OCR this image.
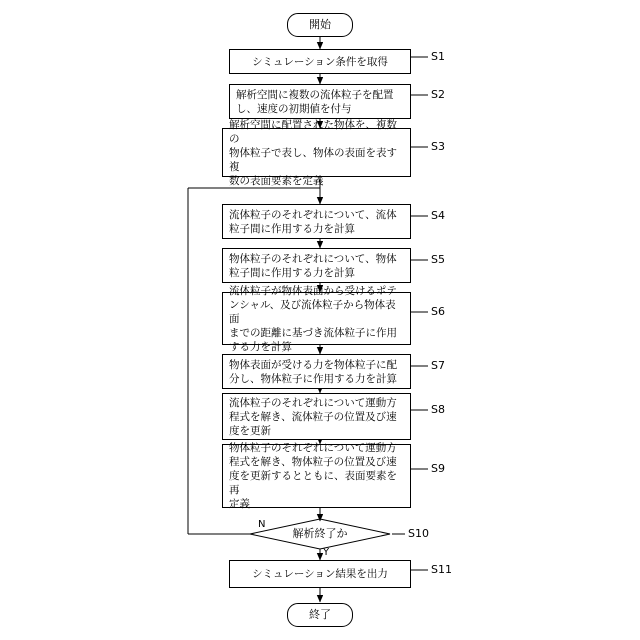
開始
終了
シミュレーション条件を取得
解析空間に複数の流体粒子を配置
し、速度の初期値を付与
解析空間に配置された物体を、複数の
物体粒子で表し、物体の表面を表す複
数の表面要素を定義
流体粒子のそれぞれについて、流体
粒子間に作用する力を計算
物体粒子のそれぞれについて、物体
粒子間に作用する力を計算
流体粒子が物体表面から受けるポテ
ンシャル、及び流体粒子から物体表面
までの距離に基づき流体粒子に作用
する力を計算
物体表面が受ける力を物体粒子に配
分し、物体粒子に作用する力を計算
流体粒子のそれぞれについて運動方
程式を解き、流体粒子の位置及び速
度を更新
物体粒子のそれぞれについて運動方
程式を解き、物体粒子の位置及び速
度を更新するとともに、表面要素を再
定義
シミュレーション結果を出力
解析終了か
N
Y
S1
S2
S3
S4
S5
S6
S7
S8
S9
S10
S11
